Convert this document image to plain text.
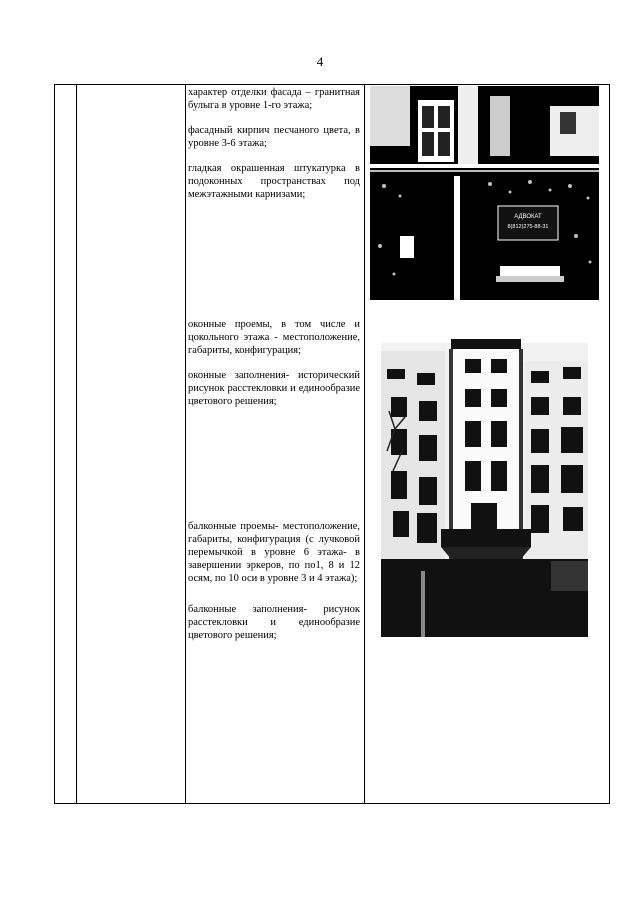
4

характер отделки фасада – гранитная булыга в уровне 1-го этажа;

фасадный кирпич песчаного цвета, в уровне 3-6 этажа;

гладкая окрашенная штукатурка в подоконных пространствах под межэтажными карнизами;

оконные проемы, в том числе и цокольного этажа - местоположение, габариты, конфигурация;

оконные заполнения- исторический рисунок расстекловки и единообразие цветового решения;

балконные проемы- местоположение, габариты, конфигурация (с лучковой перемычкой в уровне 6 этажа- в завершении эркеров, по по1, 8 и 12 осям, по 10 оси в уровне 3 и 4 этажа);

балконные заполнения- рисунок расстекловки и единообразие цветового решения;

АДВОКАТ
8(812)275-88-31
